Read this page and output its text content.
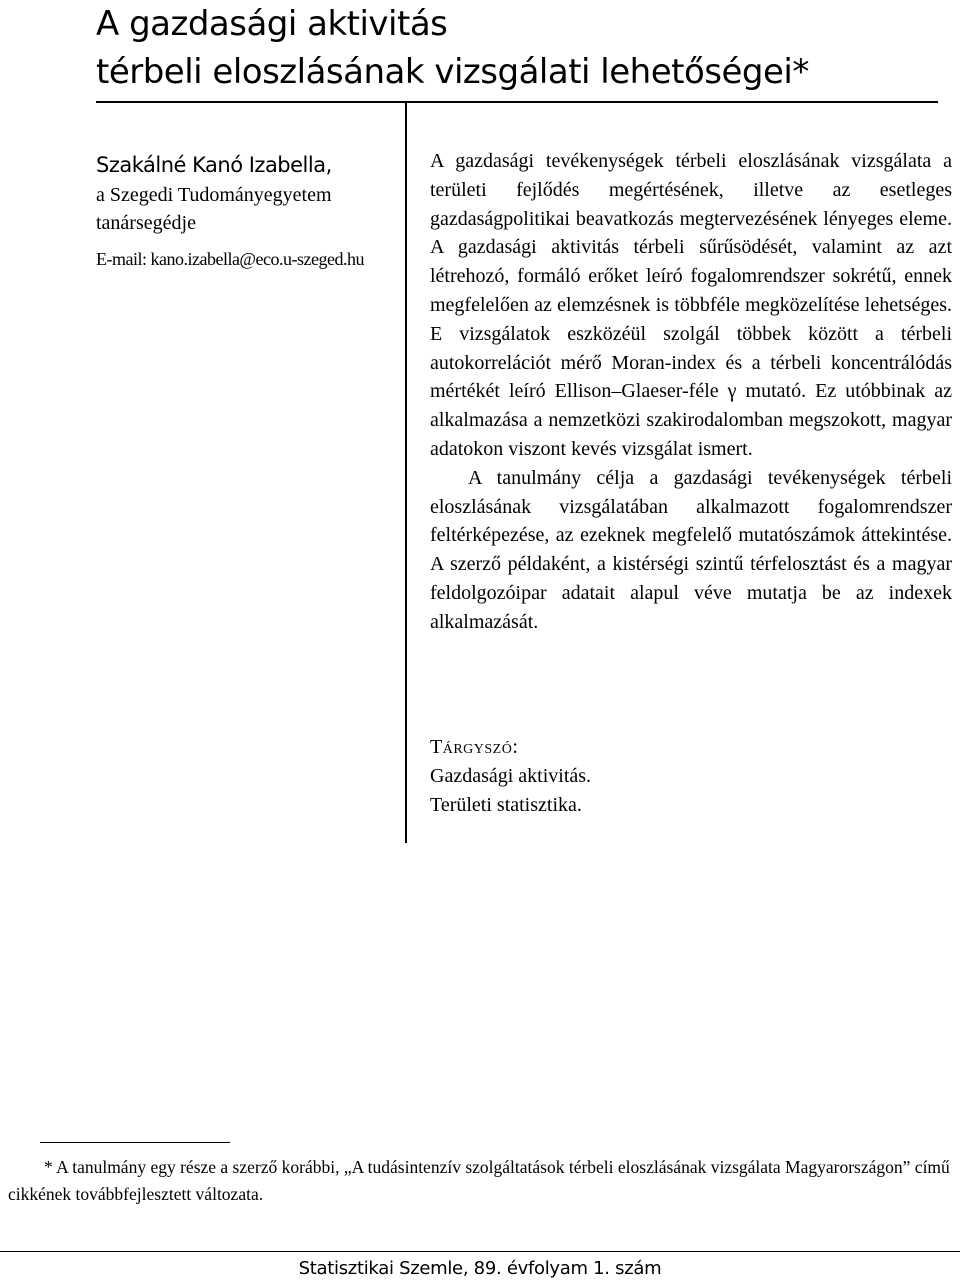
A gazdasági aktivitás
térbeli eloszlásának vizsgálati lehetőségei*
Szakálné Kanó Izabella,
a Szegedi Tudományegyetem
tanársegédje
E-mail: kano.izabella@eco.u-szeged.hu

A gazdasági tevékenységek térbeli eloszlásának vizsgálata a területi fejlődés megértésének, illetve az esetleges gazdaságpolitikai beavatkozás megtervezésének lényeges eleme. A gazdasági aktivitás térbeli sűrűsödését, valamint az azt létrehozó, formáló erőket leíró fogalomrendszer sokrétű, ennek megfelelően az elemzésnek is többféle megközelítése lehetséges. E vizsgálatok eszközéül szolgál többek között a térbeli autokorrelációt mérő Moran-index és a térbeli koncentrálódás mértékét leíró Ellison–Glaeser-féle γ mutató. Ez utóbbinak az alkalmazása a nemzetközi szakirodalomban megszokott, magyar adatokon viszont kevés vizsgálat ismert.

A tanulmány célja a gazdasági tevékenységek térbeli eloszlásának vizsgálatában alkalmazott fogalomrendszer feltérképezése, az ezeknek megfelelő mutatószámok áttekintése. A szerző példaként, a kistérségi szintű térfelosztást és a magyar feldolgozóipar adatait alapul véve mutatja be az indexek alkalmazását.

Tárgyszó:
Gazdasági aktivitás.
Területi statisztika.

* A tanulmány egy része a szerző korábbi, „A tudásintenzív szolgáltatások térbeli eloszlásának vizsgálata Magyarországon” című cikkének továbbfejlesztett változata.

Statisztikai Szemle, 89. évfolyam 1. szám
